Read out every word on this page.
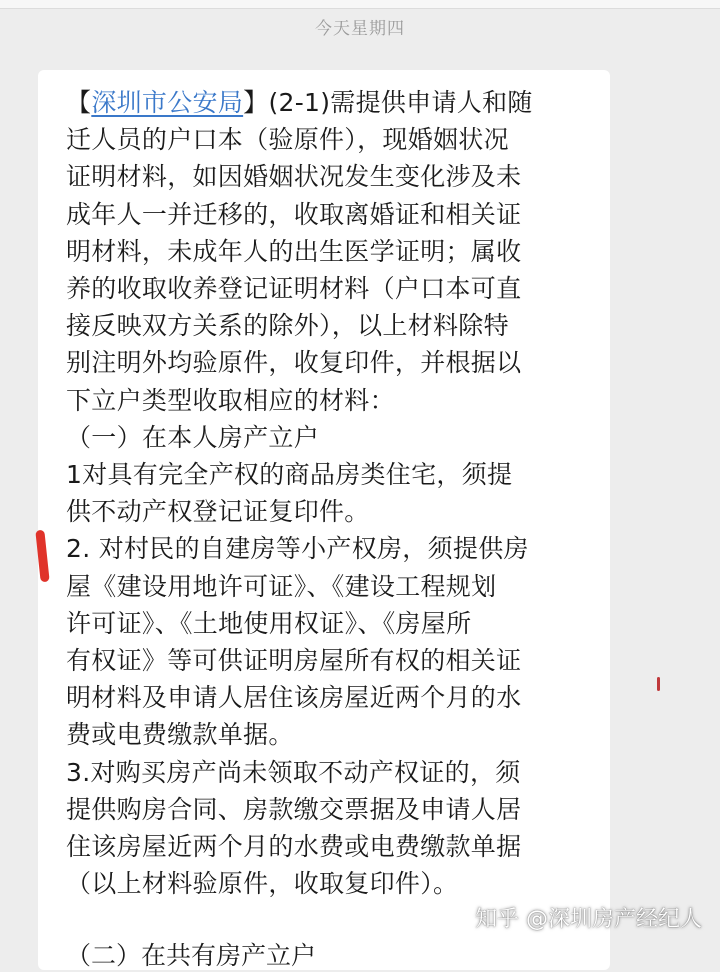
今天星期四
【深圳市公安局】(2-1)需提供申请人和随
迁人员的户口本（验原件），现婚姻状况
证明材料，如因婚姻状况发生变化涉及未
成年人一并迁移的，收取离婚证和相关证
明材料，未成年人的出生医学证明；属收
养的收取收养登记证明材料（户口本可直
接反映双方关系的除外），以上材料除特
别注明外均验原件，收复印件，并根据以
下立户类型收取相应的材料：
（一）在本人房产立户
1对具有完全产权的商品房类住宅，须提
供不动产权登记证复印件。
2. 对村民的自建房等小产权房，须提供房
屋《建设用地许可证》、《建设工程规划
许可证》、《土地使用权证》、《房屋所
有权证》等可供证明房屋所有权的相关证
明材料及申请人居住该房屋近两个月的水
费或电费缴款单据。
3.对购买房产尚未领取不动产权证的，须
提供购房合同、房款缴交票据及申请人居
住该房屋近两个月的水费或电费缴款单据
（以上材料验原件，收取复印件）。
（二）在共有房产立户
知乎 @深圳房产经纪人
